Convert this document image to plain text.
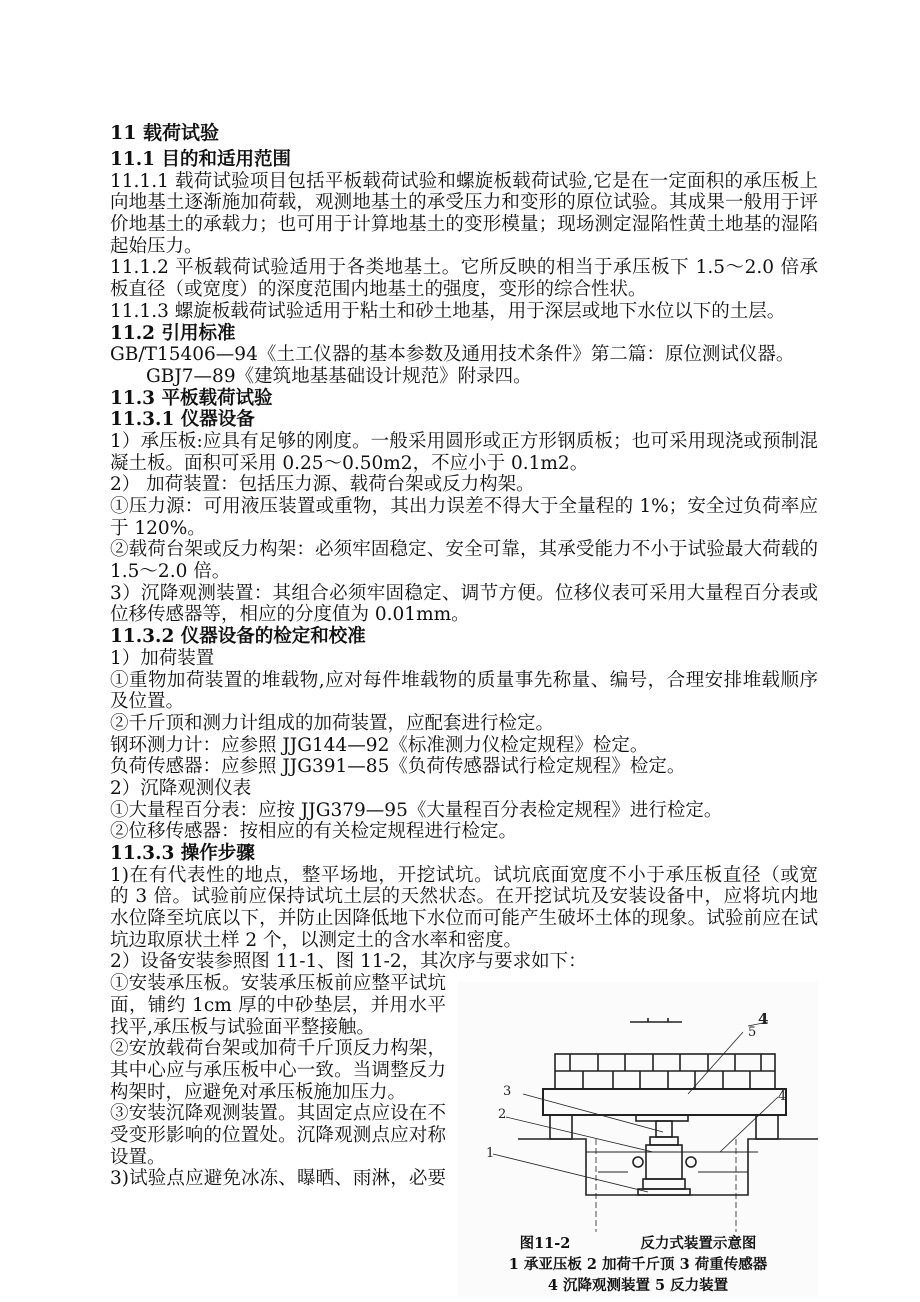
11 载荷试验
11.1 目的和适用范围
11.1.1 载荷试验项目包括平板载荷试验和螺旋板载荷试验,它是在一定面积的承压板上
向地基土逐渐施加荷载，观测地基土的承受压力和变形的原位试验。其成果一般用于评
价地基土的承载力；也可用于计算地基土的变形模量；现场测定湿陷性黄土地基的湿陷
起始压力。
11.1.2 平板载荷试验适用于各类地基土。它所反映的相当于承压板下 1.5～2.0 倍承
板直径（或宽度）的深度范围内地基土的强度，变形的综合性状。
11.1.3 螺旋板载荷试验适用于粘土和砂土地基，用于深层或地下水位以下的土层。
11.2 引用标准
GB/T15406—94《土工仪器的基本参数及通用技术条件》第二篇：原位测试仪器。
GBJ7—89《建筑地基基础设计规范》附录四。
11.3 平板载荷试验
11.3.1 仪器设备
1）承压板:应具有足够的刚度。一般采用圆形或正方形钢质板；也可采用现浇或预制混
凝土板。面积可采用 0.25～0.50m2，不应小于 0.1m2。
2） 加荷装置：包括压力源、载荷台架或反力构架。
①压力源：可用液压装置或重物，其出力误差不得大于全量程的 1%；安全过负荷率应
于 120%。
②载荷台架或反力构架：必须牢固稳定、安全可靠，其承受能力不小于试验最大荷载的
1.5～2.0 倍。
3）沉降观测装置：其组合必须牢固稳定、调节方便。位移仪表可采用大量程百分表或
位移传感器等，相应的分度值为 0.01mm。
11.3.2 仪器设备的检定和校准
1）加荷装置
①重物加荷装置的堆载物,应对每件堆载物的质量事先称量、编号，合理安排堆载顺序
及位置。
②千斤顶和测力计组成的加荷装置，应配套进行检定。
钢环测力计：应参照 JJG144—92《标准测力仪检定规程》检定。
负荷传感器：应参照 JJG391—85《负荷传感器试行检定规程》检定。
2）沉降观测仪表
①大量程百分表：应按 JJG379—95《大量程百分表检定规程》进行检定。
②位移传感器：按相应的有关检定规程进行检定。
11.3.3 操作步骤
1)在有代表性的地点，整平场地，开挖试坑。试坑底面宽度不小于承压板直径（或宽
的 3 倍。试验前应保持试坑土层的天然状态。在开挖试坑及安装设备中，应将坑内地
水位降至坑底以下，并防止因降低地下水位而可能产生破坏土体的现象。试验前应在试
坑边取原状土样 2 个，以测定土的含水率和密度。
2）设备安装参照图 11-1、图 11-2，其次序与要求如下：
①安装承压板。安装承压板前应整平试坑
面，铺约 1cm 厚的中砂垫层，并用水平
找平,承压板与试验面平整接触。
②安放载荷台架或加荷千斤顶反力构架，
其中心应与承压板中心一致。当调整反力
构架时，应避免对承压板施加压力。
③安装沉降观测装置。其固定点应设在不
受变形影响的位置处。沉降观测点应对称
设置。
3)试验点应避免冰冻、曝晒、雨淋，必要
1
2
3
4
4
5
图11-2	反力式装置示意图
1 承亚压板 2 加荷千斤顶 3 荷重传感器
4 沉降观测装置 5 反力装置
